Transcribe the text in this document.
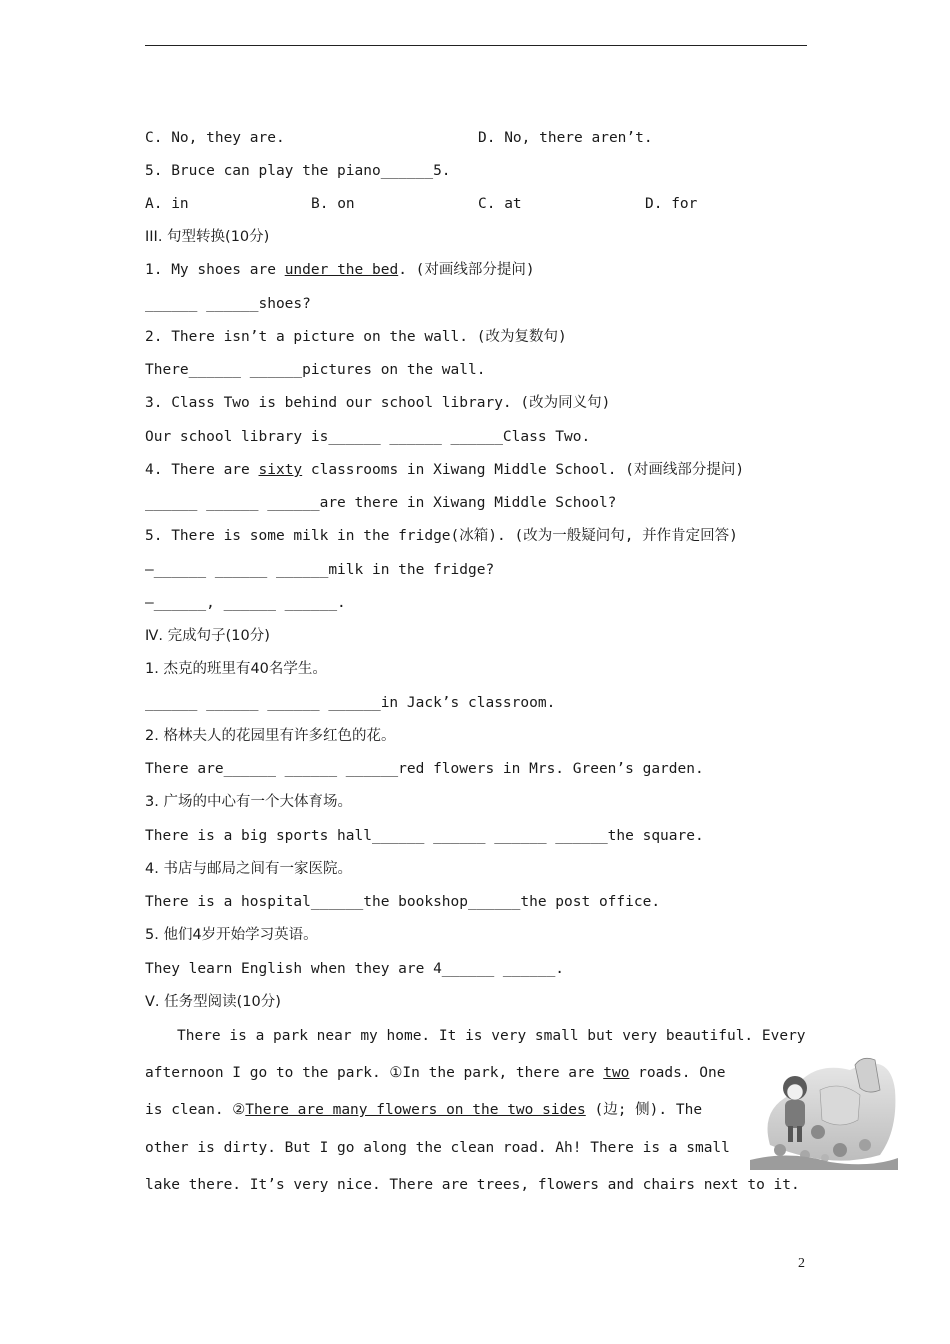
C. No, they are.	D. No, there aren’t.
5. Bruce can play the piano______5.
A. in	B. on	C. at	D. for
III. 句型转换(10分)
1. My shoes are under the bed. (对画线部分提问)
______ ______shoes?
2. There isn’t a picture on the wall. (改为复数句)
There______ ______pictures on the wall.
3. Class Two is behind our school library. (改为同义句)
Our school library is______ ______ ______Class Two.
4. There are sixty classrooms in Xiwang Middle School. (对画线部分提问)
______ ______ ______are there in Xiwang Middle School?
5. There is some milk in the fridge(冰箱). (改为一般疑问句, 并作肯定回答)
—______ ______ ______milk in the fridge?
—______, ______ ______.
Ⅳ. 完成句子(10分)
1. 杰克的班里有40名学生。
______ ______ ______ ______in Jack’s classroom.
2. 格林夫人的花园里有许多红色的花。
There are______ ______ ______red flowers in Mrs. Green’s garden.
3. 广场的中心有一个大体育场。
There is a big sports hall______ ______ ______ ______the square.
4. 书店与邮局之间有一家医院。
There is a hospital______the bookshop______the post office.
5. 他们4岁开始学习英语。
They learn English when they are 4______ ______.
Ⅴ. 任务型阅读(10分)
There is a park near my home. It is very small but very beautiful. Every
afternoon I go to the park. ①In the park, there are two roads. One
is clean. ②There are many flowers on the two sides (边; 侧). The
other is dirty. But I go along the clean road. Ah! There is a small
lake there. It’s very nice. There are trees, flowers and chairs next to it.
2
